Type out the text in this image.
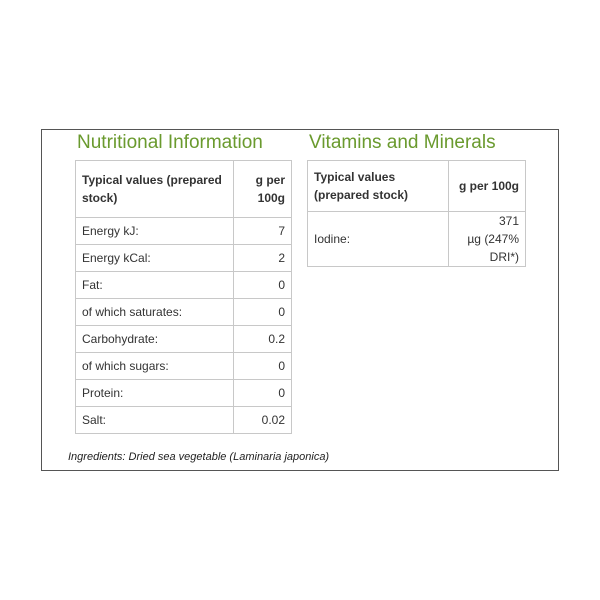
Nutritional Information Vitamins and Minerals
Typical values (prepared stock)	g per 100g
Energy kJ:	7
Energy kCal:	2
Fat:	0
of which saturates:	0
Carbohydrate:	0.2
of which sugars:	0
Protein:	0
Salt:	0.02
Typical values (prepared stock)	g per 100g
Iodine:	371
µg (247% DRI*)
Ingredients: Dried sea vegetable (Laminaria japonica)
